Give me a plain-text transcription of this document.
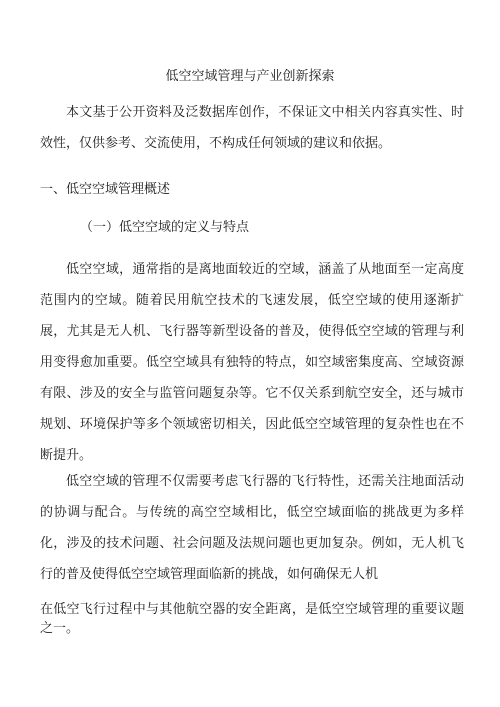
低空空域管理与产业创新探索

本文基于公开资料及泛数据库创作，不保证文中相关内容真实性、时效性，仅供参考、交流使用，不构成任何领域的建议和依据。

一、低空空域管理概述
（一）低空空域的定义与特点

低空空域，通常指的是离地面较近的空域，涵盖了从地面至一定高度范围内的空域。随着民用航空技术的飞速发展，低空空域的使用逐渐扩展，尤其是无人机、飞行器等新型设备的普及，使得低空空域的管理与利用变得愈加重要。低空空域具有独特的特点，如空域密集度高、空域资源有限、涉及的安全与监管问题复杂等。它不仅关系到航空安全，还与城市规划、环境保护等多个领域密切相关，因此低空空域管理的复杂性也在不断提升。

低空空域的管理不仅需要考虑飞行器的飞行特性，还需关注地面活动的协调与配合。与传统的高空空域相比，低空空域面临的挑战更为多样化，涉及的技术问题、社会问题及法规问题也更加复杂。例如，无人机飞行的普及使得低空空域管理面临新的挑战，如何确保无人机

在低空飞行过程中与其他航空器的安全距离，是低空空域管理的重要议题之一。
